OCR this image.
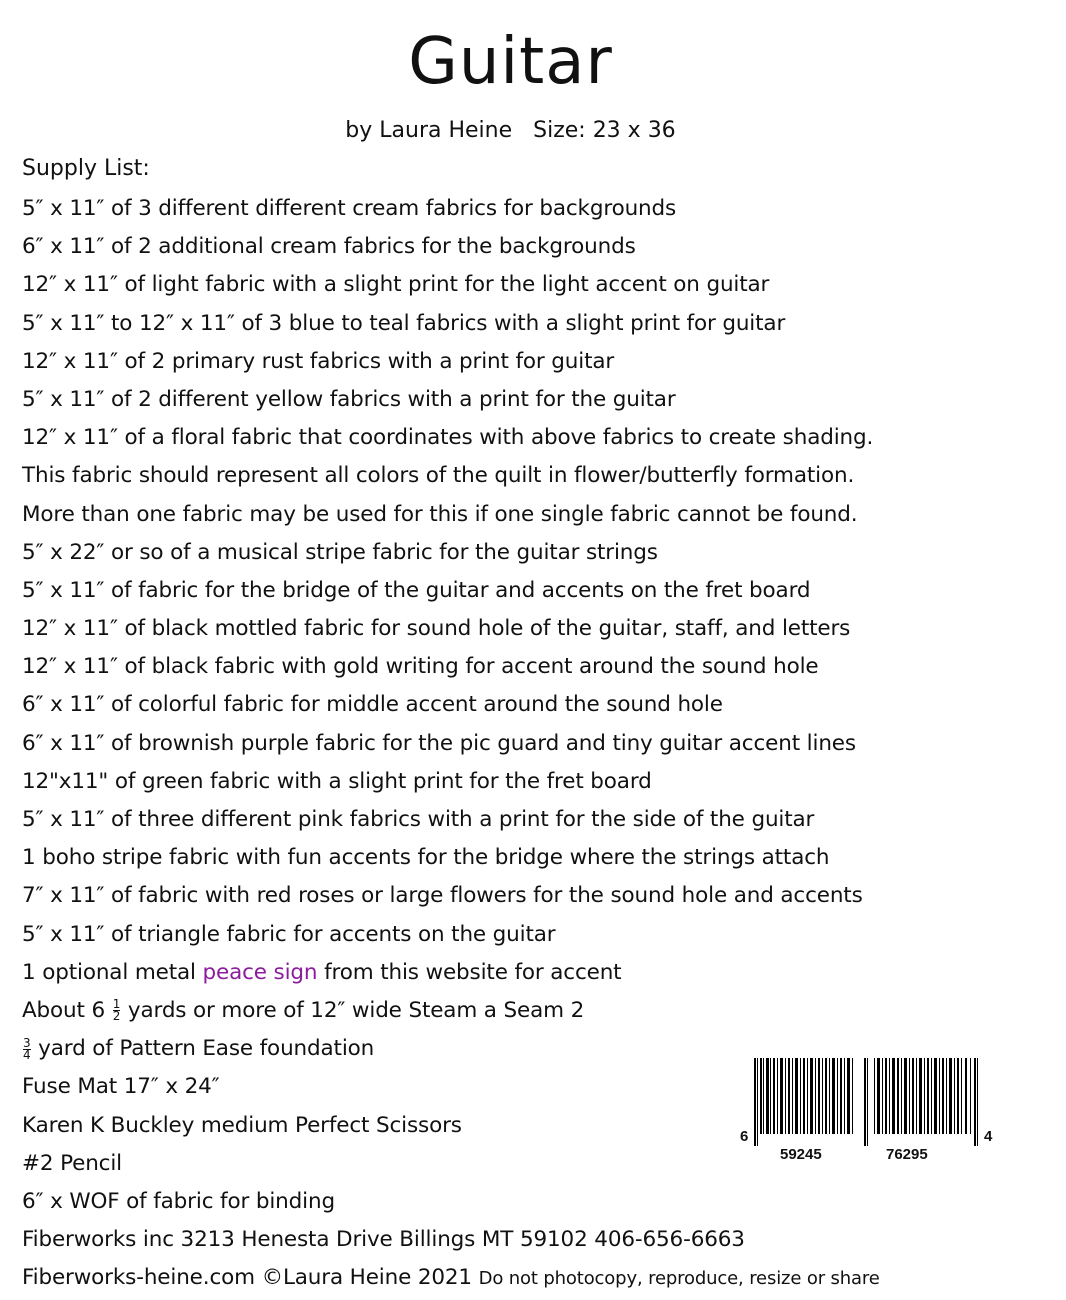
Guitar
by Laura Heine   Size: 23 x 36
Supply List:
5″ x 11″ of 3 different different cream fabrics for backgrounds
6″ x 11″ of 2 additional cream fabrics for the backgrounds
12″ x 11″ of light fabric with a slight print for the light accent on guitar
5″ x 11″ to 12″ x 11″ of 3 blue to teal fabrics with a slight print for guitar
12″ x 11″ of 2 primary rust fabrics with a print for guitar
5″ x 11″ of 2 different yellow fabrics with a print for the guitar
12″ x 11″ of a floral fabric that coordinates with above fabrics to create shading.
This fabric should represent all colors of the quilt in flower/butterfly formation.
More than one fabric may be used for this if one single fabric cannot be found.
5″ x 22″ or so of a musical stripe fabric for the guitar strings
5″ x 11″ of fabric for the bridge of the guitar and accents on the fret board
12″ x 11″ of black mottled fabric for sound hole of the guitar, staff, and letters
12″ x 11″ of black fabric with gold writing for accent around the sound hole
6″ x 11″ of colorful fabric for middle accent around the sound hole
6″ x 11″ of brownish purple fabric for the pic guard and tiny guitar accent lines
12"x11" of green fabric with a slight print for the fret board
5″ x 11″ of three different pink fabrics with a print for the side of the guitar
1 boho stripe fabric with fun accents for the bridge where the strings attach
7″ x 11″ of fabric with red roses or large flowers for the sound hole and accents
5″ x 11″ of triangle fabric for accents on the guitar
1 optional metal peace sign from this website for accent
About $6 \frac{1}{2}$ yards or more of 12″ wide Steam a Seam 2
$\frac{3}{4}$ yard of Pattern Ease foundation
Fuse Mat 17″ x 24″
Karen K Buckley medium Perfect Scissors
#2 Pencil
6″ x WOF of fabric for binding
Fiberworks inc 3213 Henesta Drive Billings MT 59102 406-656-6663
Fiberworks-heine.com ©Laura Heine 2021 Do not photocopy, reproduce, resize or share
6
59245	76295
4
